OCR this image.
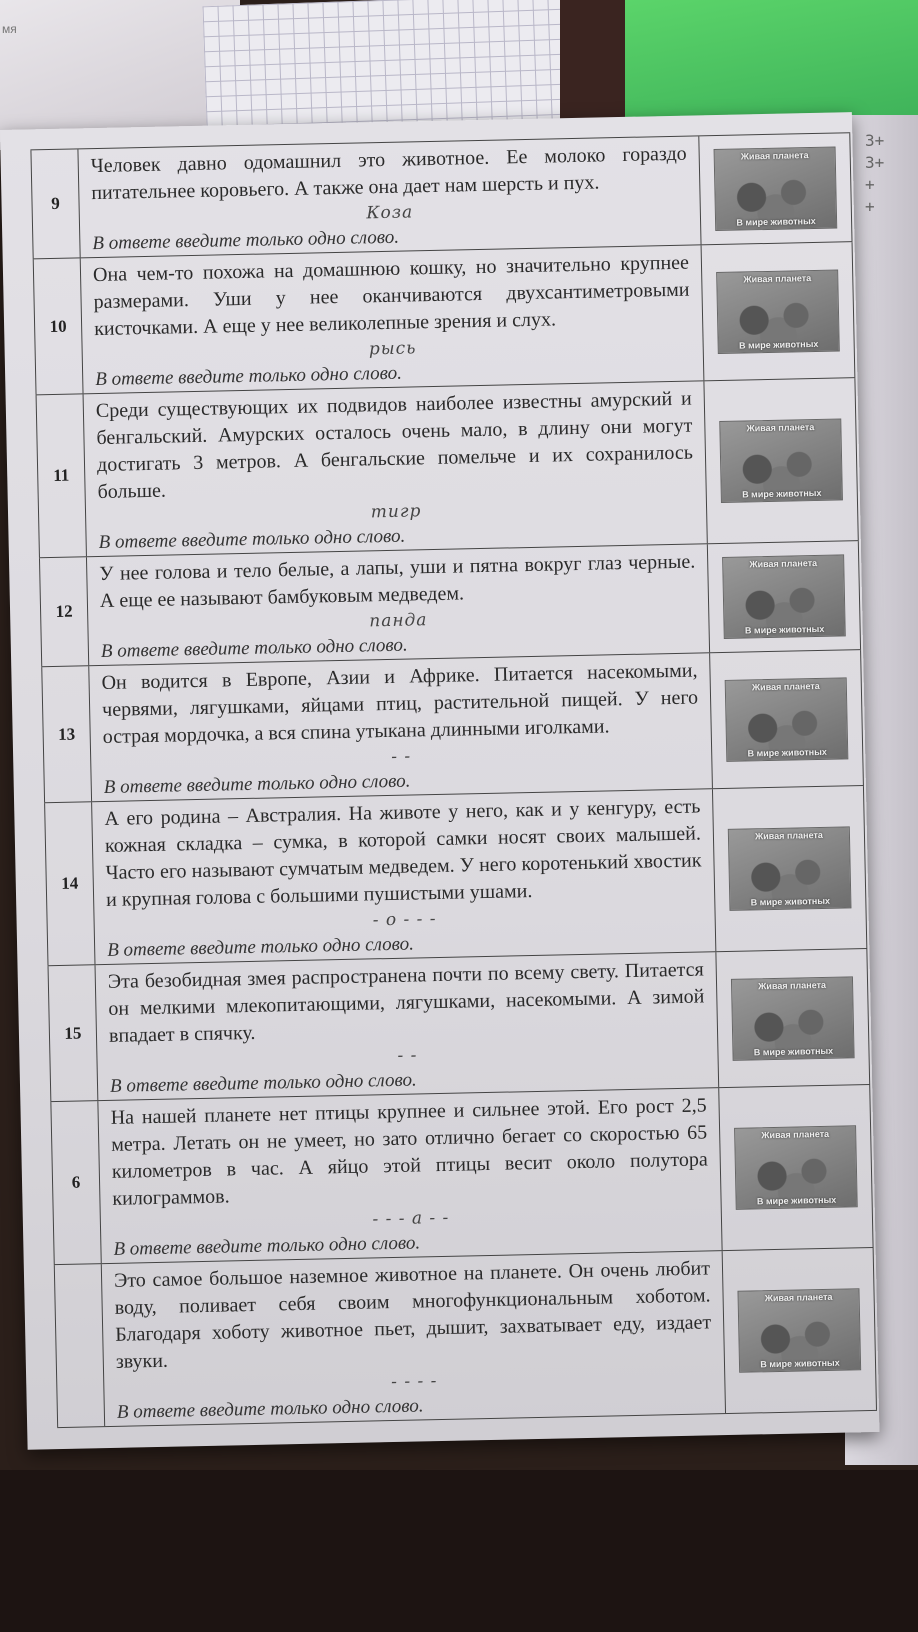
мя
3+
3+
+
+
9
Человек давно одомашнил это животное. Ее молоко гораздо питательнее коровьего. А также она дает нам шерсть и пух.
Коза
В ответе введите только одно слово.
Живая планета
В мире животных
10
Она чем-то похожа на домашнюю кошку, но значительно крупнее размерами. Уши у нее оканчиваются двухсантиметровыми кисточками. А еще у нее великолепные зрения и слух.
рысь
В ответе введите только одно слово.
Живая планета
В мире животных
11
Среди существующих их подвидов наиболее известны амурский и бенгальский. Амурских осталось очень мало, в длину они могут достигать 3 метров. А бенгальские помельче и их сохранилось больше.
тигр
В ответе введите только одно слово.
Живая планета
В мире животных
12
У нее голова и тело белые, а лапы, уши и пятна вокруг глаз черные. А еще ее называют бамбуковым медведем.
панда
В ответе введите только одно слово.
Живая планета
В мире животных
13
Он водится в Европе, Азии и Африке. Питается насекомыми, червями, лягушками, яйцами птиц, растительной пищей. У него острая мордочка, а вся спина утыкана длинными иголками.
- -
В ответе введите только одно слово.
Живая планета
В мире животных
14
А его родина – Австралия. На животе у него, как и у кенгуру, есть кожная складка – сумка, в которой самки носят своих малышей. Часто его называют сумчатым медведем. У него коротенький хвостик и крупная голова с большими пушистыми ушами.
- о - - -
В ответе введите только одно слово.
Живая планета
В мире животных
15
Эта безобидная змея распространена почти по всему свету. Питается он мелкими млекопитающими, лягушками, насекомыми. А зимой впадает в спячку.
- -
В ответе введите только одно слово.
Живая планета
В мире животных
6
На нашей планете нет птицы крупнее и сильнее этой. Его рост 2,5 метра. Летать он не умеет, но зато отлично бегает со скоростью 65 километров в час. А яйцо этой птицы весит около полутора килограммов.
- - - а - -
В ответе введите только одно слово.
Живая планета
В мире животных
Это самое большое наземное животное на планете. Он очень любит воду, поливает себя своим многофункциональным хоботом. Благодаря хоботу животное пьет, дышит, захватывает еду, издает звуки.
- - - -
В ответе введите только одно слово.
Живая планета
В мире животных
